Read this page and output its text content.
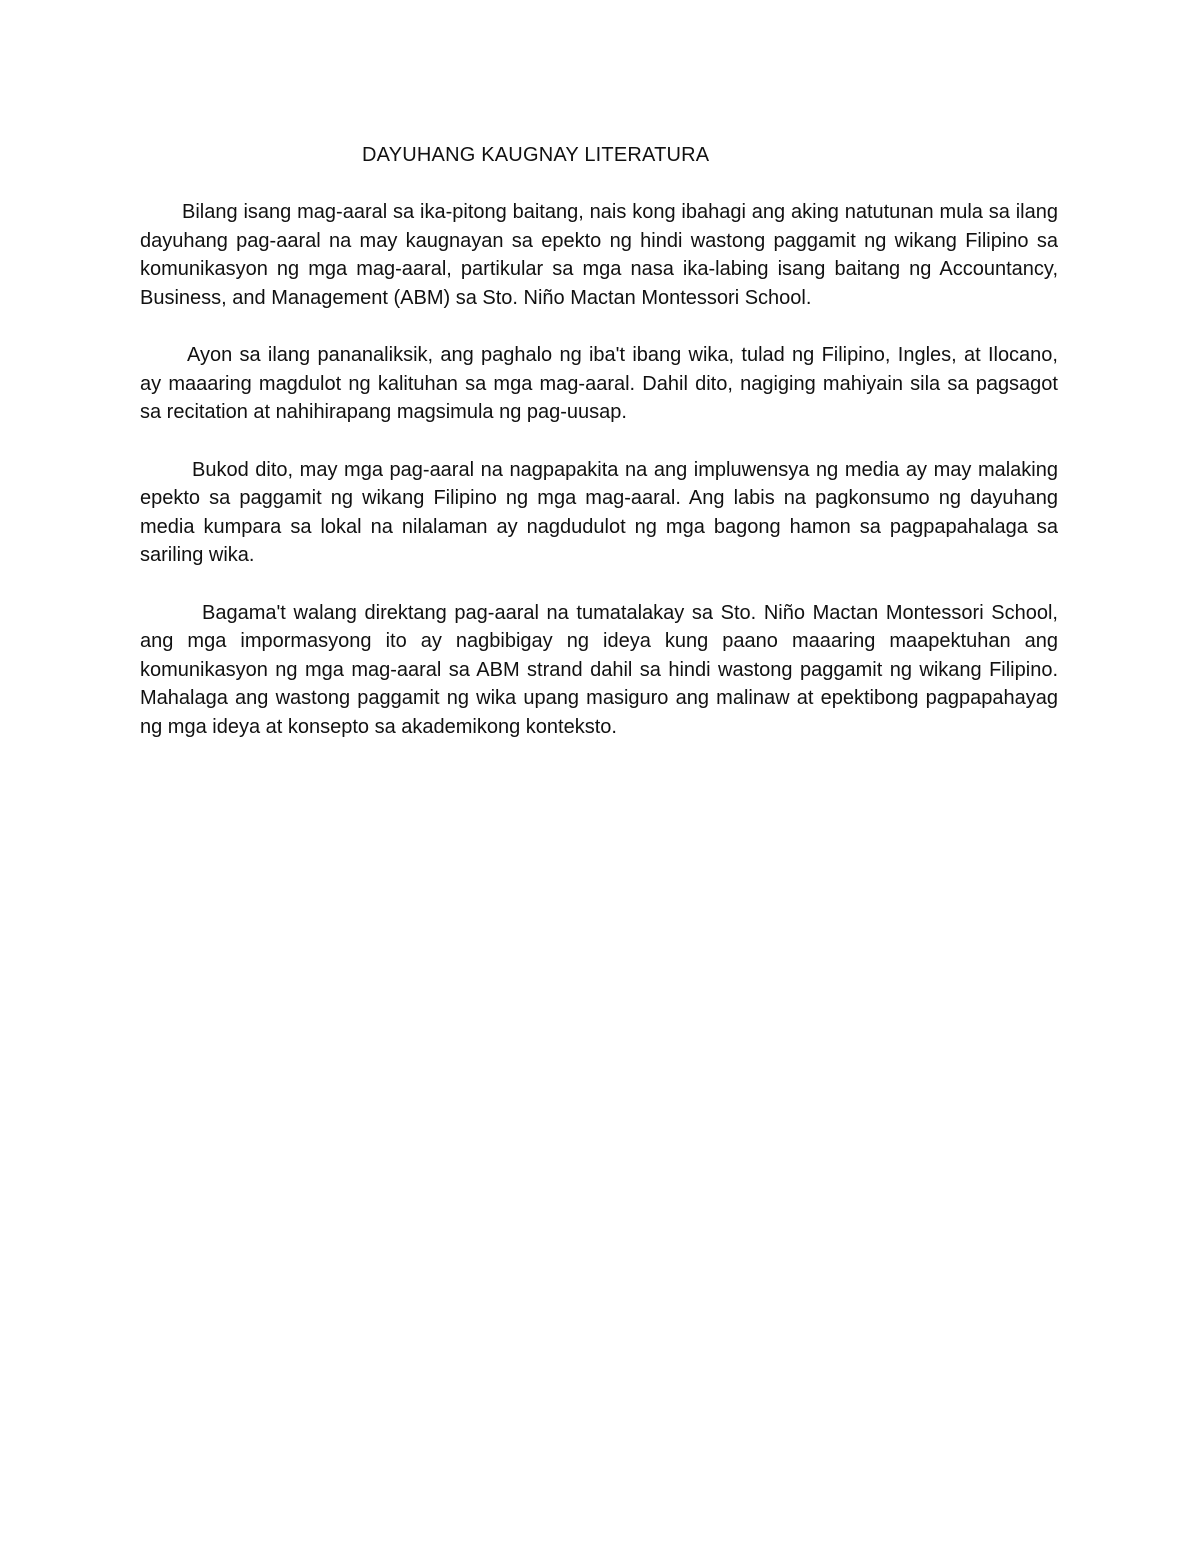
DAYUHANG KAUGNAY LITERATURA

Bilang isang mag-aaral sa ika-pitong baitang, nais kong ibahagi ang aking natutunan mula sa ilang dayuhang pag-aaral na may kaugnayan sa epekto ng hindi wastong paggamit ng wikang Filipino sa komunikasyon ng mga mag-aaral, partikular sa mga nasa ika-labing isang baitang ng Accountancy, Business, and Management (ABM) sa Sto. Niño Mactan Montessori School.

Ayon sa ilang pananaliksik, ang paghalo ng iba't ibang wika, tulad ng Filipino, Ingles, at Ilocano, ay maaaring magdulot ng kalituhan sa mga mag-aaral. Dahil dito, nagiging mahiyain sila sa pagsagot sa recitation at nahihirapang magsimula ng pag-uusap.

Bukod dito, may mga pag-aaral na nagpapakita na ang impluwensya ng media ay may malaking epekto sa paggamit ng wikang Filipino ng mga mag-aaral. Ang labis na pagkonsumo ng dayuhang media kumpara sa lokal na nilalaman ay nagdudulot ng mga bagong hamon sa pagpapahalaga sa sariling wika.

Bagama't walang direktang pag-aaral na tumatalakay sa Sto. Niño Mactan Montessori School, ang mga impormasyong ito ay nagbibigay ng ideya kung paano maaaring maapektuhan ang komunikasyon ng mga mag-aaral sa ABM strand dahil sa hindi wastong paggamit ng wikang Filipino. Mahalaga ang wastong paggamit ng wika upang masiguro ang malinaw at epektibong pagpapahayag ng mga ideya at konsepto sa akademikong konteksto.
